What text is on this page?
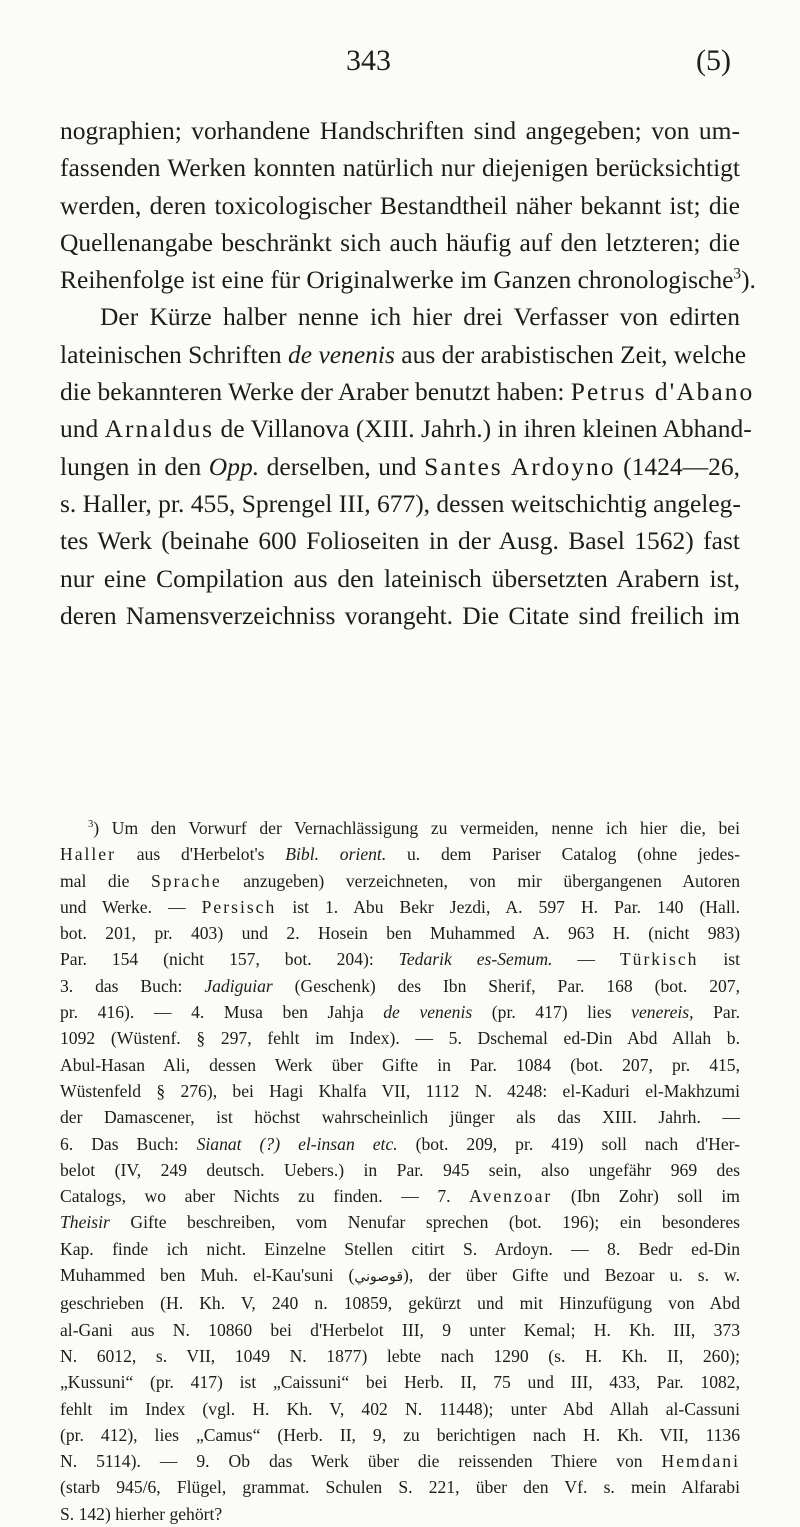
343	(5)
nographien; vorhandene Handschriften sind angegeben; von um-
fassenden Werken konnten natürlich nur diejenigen berücksichtigt
werden, deren toxicologischer Bestandtheil näher bekannt ist; die
Quellenangabe beschränkt sich auch häufig auf den letzteren; die
Reihenfolge ist eine für Originalwerke im Ganzen chronologische$^3$).
Der Kürze halber nenne ich hier drei Verfasser von edirten
lateinischen Schriften de venenis aus der arabistischen Zeit, welche
die bekannteren Werke der Araber benutzt haben: Petrus d'Abano
und Arnaldus de Villanova (XIII. Jahrh.) in ihren kleinen Abhand-
lungen in den Opp. derselben, und Santes Ardoyno (1424—26,
s. Haller, pr. 455, Sprengel III, 677), dessen weitschichtig angeleg-
tes Werk (beinahe 600 Folioseiten in der Ausg. Basel 1562) fast
nur eine Compilation aus den lateinisch übersetzten Arabern ist,
deren Namensverzeichniss vorangeht. Die Citate sind freilich im
$^3$) Um den Vorwurf der Vernachlässigung zu vermeiden, nenne ich hier die, bei
Haller aus d'Herbelot's Bibl. orient. u. dem Pariser Catalog (ohne jedes-
mal die Sprache anzugeben) verzeichneten, von mir übergangenen Autoren
und Werke. — Persisch ist 1. Abu Bekr Jezdi, A. 597 H. Par. 140 (Hall.
bot. 201, pr. 403) und 2. Hosein ben Muhammed A. 963 H. (nicht 983)
Par. 154 (nicht 157, bot. 204): Tedarik es-Semum. — Türkisch ist
3. das Buch: Jadiguiar (Geschenk) des Ibn Sherif, Par. 168 (bot. 207,
pr. 416). — 4. Musa ben Jahja de venenis (pr. 417) lies venereis, Par.
1092 (Wüstenf. § 297, fehlt im Index). — 5. Dschemal ed-Din Abd Allah b.
Abul-Hasan Ali, dessen Werk über Gifte in Par. 1084 (bot. 207, pr. 415,
Wüstenfeld § 276), bei Hagi Khalfa VII, 1112 N. 4248: el-Kaduri el-Makhzumi
der Damascener, ist höchst wahrscheinlich jünger als das XIII. Jahrh. —
6. Das Buch: Sianat (?) el-insan etc. (bot. 209, pr. 419) soll nach d'Her-
belot (IV, 249 deutsch. Uebers.) in Par. 945 sein, also ungefähr 969 des
Catalogs, wo aber Nichts zu finden. — 7. Avenzoar (Ibn Zohr) soll im
Theisir Gifte beschreiben, vom Nenufar sprechen (bot. 196); ein besonderes
Kap. finde ich nicht. Einzelne Stellen citirt S. Ardoyn. — 8. Bedr ed-Din
Muhammed ben Muh. el-Kau'suni (قوصوني), der über Gifte und Bezoar u. s. w.
geschrieben (H. Kh. V, 240 n. 10859, gekürzt und mit Hinzufügung von Abd
al-Gani aus N. 10860 bei d'Herbelot III, 9 unter Kemal; H. Kh. III, 373
N. 6012, s. VII, 1049 N. 1877) lebte nach 1290 (s. H. Kh. II, 260);
„Kussuni“ (pr. 417) ist „Caissuni“ bei Herb. II, 75 und III, 433, Par. 1082,
fehlt im Index (vgl. H. Kh. V, 402 N. 11448); unter Abd Allah al-Cassuni
(pr. 412), lies „Camus“ (Herb. II, 9, zu berichtigen nach H. Kh. VII, 1136
N. 5114). — 9. Ob das Werk über die reissenden Thiere von Hemdani
(starb 945/6, Flügel, grammat. Schulen S. 221, über den Vf. s. mein Alfarabi
S. 142) hierher gehört?
